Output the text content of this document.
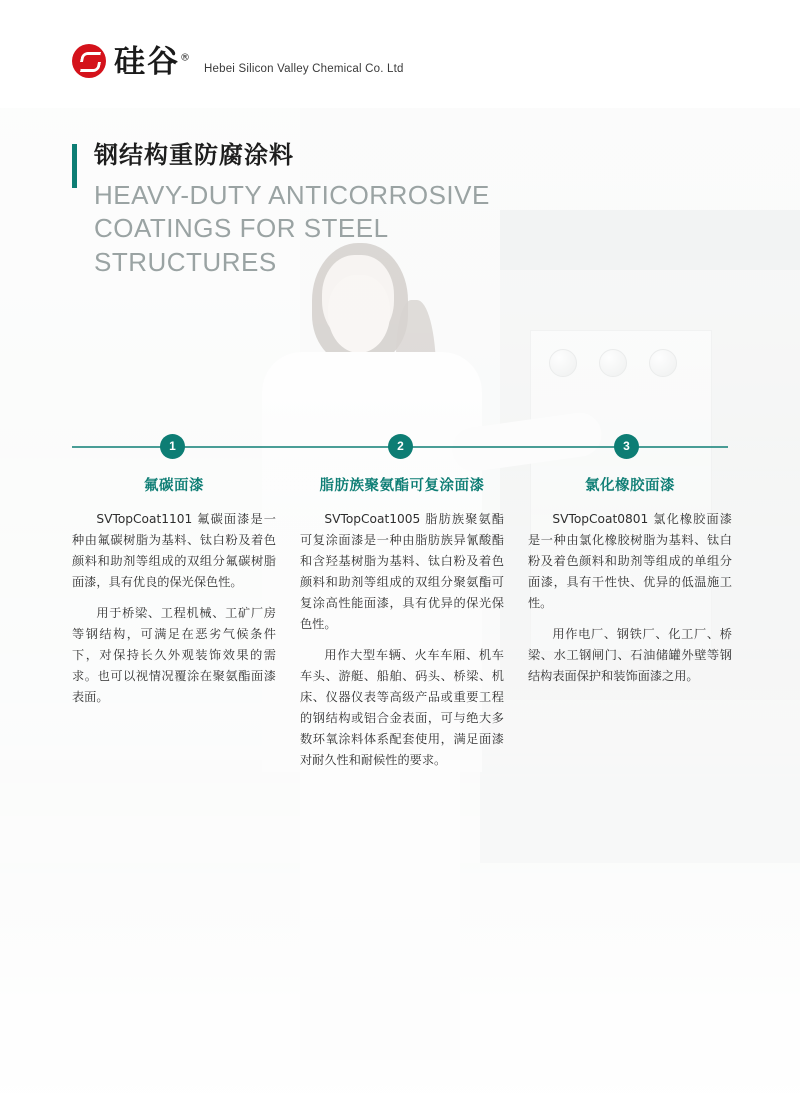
硅谷®
Hebei Silicon Valley Chemical Co. Ltd
钢结构重防腐涂料
HEAVY-DUTY ANTICORROSIVE COATINGS FOR STEEL STRUCTURES
1	2	3
氟碳面漆

SVTopCoat1101 氟碳面漆是一种由氟碳树脂为基料、钛白粉及着色颜料和助剂等组成的双组分氟碳树脂面漆，具有优良的保光保色性。

用于桥梁、工程机械、工矿厂房等钢结构，可满足在恶劣气候条件下，对保持长久外观装饰效果的需求。也可以视情况覆涂在聚氨酯面漆表面。

脂肪族聚氨酯可复涂面漆

SVTopCoat1005 脂肪族聚氨酯可复涂面漆是一种由脂肪族异氰酸酯和含羟基树脂为基料、钛白粉及着色颜料和助剂等组成的双组分聚氨酯可复涂高性能面漆，具有优异的保光保色性。

用作大型车辆、火车车厢、机车车头、游艇、船舶、码头、桥梁、机床、仪器仪表等高级产品或重要工程的钢结构或铝合金表面，可与绝大多数环氧涂料体系配套使用，满足面漆对耐久性和耐候性的要求。

氯化橡胶面漆

SVTopCoat0801 氯化橡胶面漆是一种由氯化橡胶树脂为基料、钛白粉及着色颜料和助剂等组成的单组分面漆，具有干性快、优异的低温施工性。

用作电厂、钢铁厂、化工厂、桥梁、水工钢闸门、石油储罐外壁等钢结构表面保护和装饰面漆之用。
